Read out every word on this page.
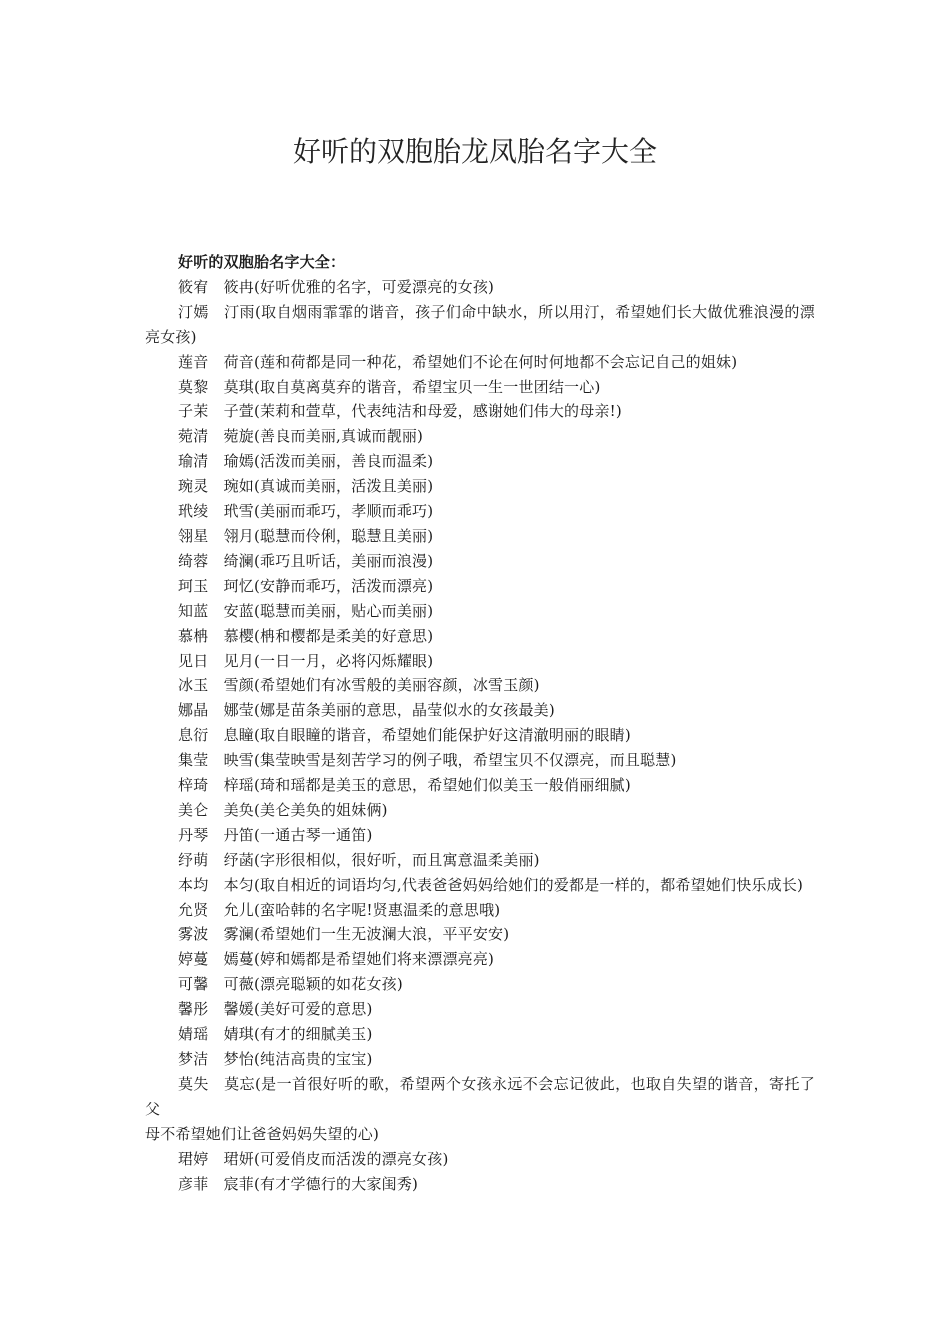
好听的双胞胎龙凤胎名字大全

好听的双胞胎名字大全：

筱宥　筱冉(好听优雅的名字，可爱漂亮的女孩)

汀嫣　汀雨(取自烟雨霏霏的谐音，孩子们命中缺水，所以用汀，希望她们长大做优雅浪漫的漂亮女孩)

莲音　荷音(莲和荷都是同一种花，希望她们不论在何时何地都不会忘记自己的姐妹)

莫黎　莫琪(取自莫离莫弃的谐音，希望宝贝一生一世团结一心)

子茉　子萱(茉莉和萱草，代表纯洁和母爱，感谢她们伟大的母亲!)

菀清　菀旋(善良而美丽,真诚而靓丽)

瑜清　瑜嫣(活泼而美丽，善良而温柔)

琬灵　琬如(真诚而美丽，活泼且美丽)

玳绫　玳雪(美丽而乖巧，孝顺而乖巧)

翎星　翎月(聪慧而伶俐，聪慧且美丽)

绮蓉　绮澜(乖巧且听话，美丽而浪漫)

珂玉　珂忆(安静而乖巧，活泼而漂亮)

知蓝　安蓝(聪慧而美丽，贴心而美丽)

慕柟　慕樱(柟和樱都是柔美的好意思)

见日　见月(一日一月，必将闪烁耀眼)

冰玉　雪颜(希望她们有冰雪般的美丽容颜，冰雪玉颜)

娜晶　娜莹(娜是苗条美丽的意思，晶莹似水的女孩最美)

息衍　息瞳(取自眼瞳的谐音，希望她们能保护好这清澈明丽的眼睛)

集莹　映雪(集莹映雪是刻苦学习的例子哦，希望宝贝不仅漂亮，而且聪慧)

梓琦　梓瑶(琦和瑶都是美玉的意思，希望她们似美玉一般俏丽细腻)

美仑　美奂(美仑美奂的姐妹俩)

丹琴　丹笛(一通古琴一通笛)

纾萌　纾菡(字形很相似，很好听，而且寓意温柔美丽)

本均　本匀(取自相近的词语均匀,代表爸爸妈妈给她们的爱都是一样的，都希望她们快乐成长)

允贤　允儿(蛮哈韩的名字呢!贤惠温柔的意思哦)

雾波　雾澜(希望她们一生无波澜大浪，平平安安)

婷蔓　嫣蔓(婷和嫣都是希望她们将来漂漂亮亮)

可馨　可薇(漂亮聪颖的如花女孩)

馨彤　馨媛(美好可爱的意思)

婧瑶　婧琪(有才的细腻美玉)

梦洁　梦怡(纯洁高贵的宝宝)

莫失　莫忘(是一首很好听的歌，希望两个女孩永远不会忘记彼此，也取自失望的谐音，寄托了父

母不希望她们让爸爸妈妈失望的心)

珺婷　珺妍(可爱俏皮而活泼的漂亮女孩)

彦菲　宸菲(有才学德行的大家闺秀)
